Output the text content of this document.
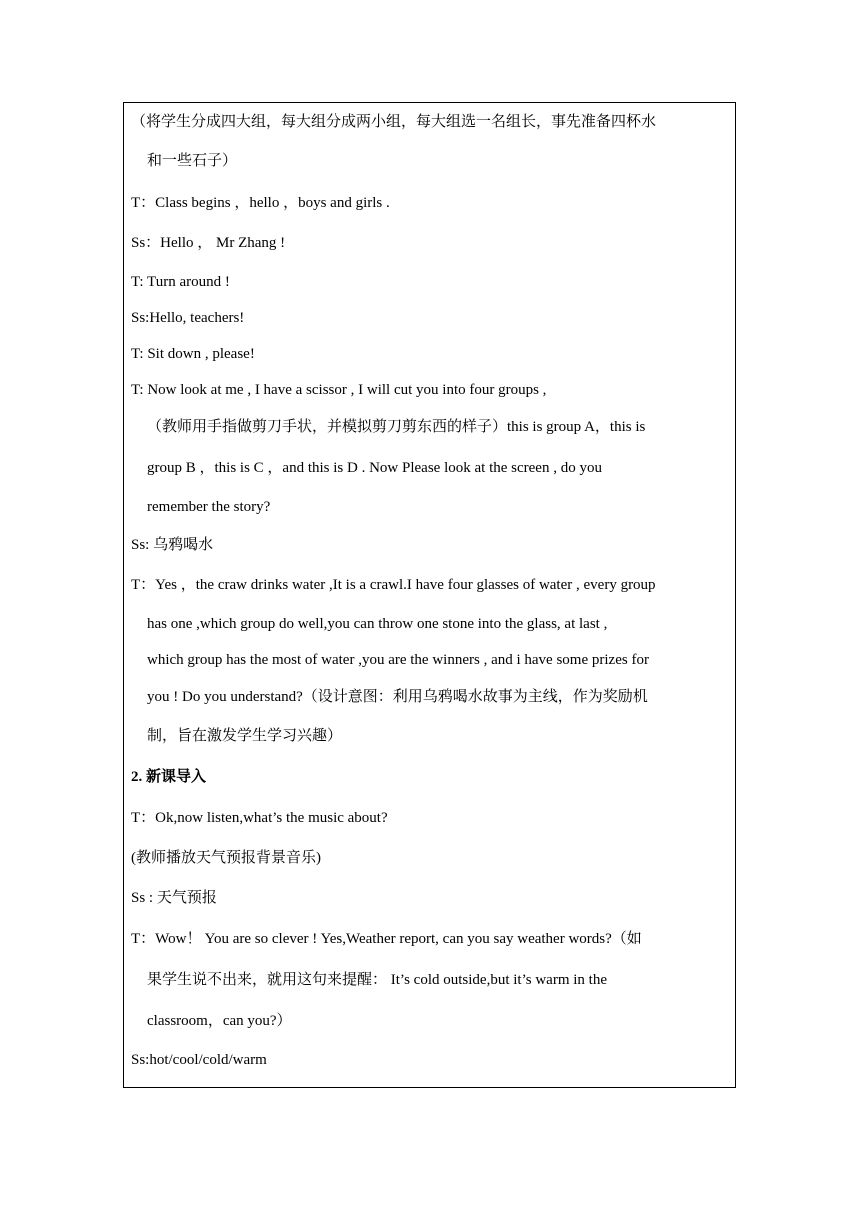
（将学生分成四大组，每大组分成两小组，每大组选一名组长，事先准备四杯水
和一些石子）
T：Class begins ，hello ，boys and girls .
Ss：Hello ， Mr Zhang !
T: Turn around !
Ss:Hello, teachers!
T: Sit down , please!
T: Now look at me , I have a scissor , I will cut you into four groups ,
（教师用手指做剪刀手状，并模拟剪刀剪东西的样子）this is group A，this is
group B ，this is C ，and this is D . Now Please look at the screen , do you
remember the story?
Ss: 乌鸦喝水
T：Yes ，the craw drinks water ,It is a crawl.I have four glasses of water , every group
has one ,which group do well,you can throw one stone into the glass, at last ,
which group has the most of water ,you are the winners , and i have some prizes for
you ! Do you understand?（设计意图：利用乌鸦喝水故事为主线，作为奖励机
制，旨在激发学生学习兴趣）
2. 新课导入
T：Ok,now listen,what’s the music about?
(教师播放天气预报背景音乐)
Ss : 天气预报
T：Wow！ You are so clever ! Yes,Weather report, can you say weather words?（如
果学生说不出来，就用这句来提醒： It’s cold outside,but it’s warm in the
classroom，can you?）
Ss:hot/cool/cold/warm
